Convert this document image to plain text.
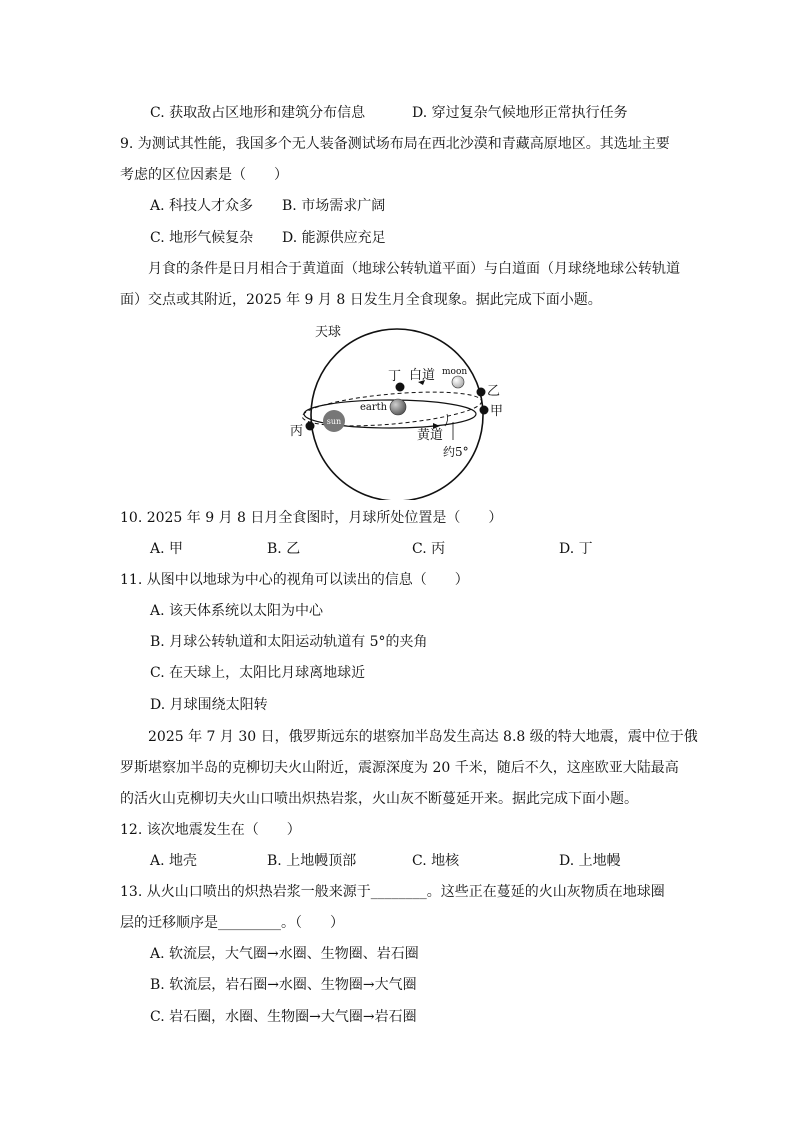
C. 获取敌占区地形和建筑分布信息	D. 穿过复杂气候地形正常执行任务
9. 为测试其性能，我国多个无人装备测试场布局在西北沙漠和青藏高原地区。其选址主要
考虑的区位因素是（　　）
A. 科技人才众多 B. 市场需求广阔
C. 地形气候复杂 D. 能源供应充足
月食的条件是日月相合于黄道面（地球公转轨道平面）与白道面（月球绕地球公转轨道
面）交点或其附近，2025 年 9 月 8 日发生月全食现象。据此完成下面小题。
sun
earth
moon
天球
白道
黄道
约5°
丁
乙
甲
丙
10. 2025 年 9 月 8 日月全食图时，月球所处位置是（　　）
A. 甲	B. 乙	C. 丙	D. 丁
11. 从图中以地球为中心的视角可以读出的信息（　　）
A. 该天体系统以太阳为中心
B. 月球公转轨道和太阳运动轨道有 5°的夹角
C. 在天球上，太阳比月球离地球近
D. 月球围绕太阳转
2025 年 7 月 30 日，俄罗斯远东的堪察加半岛发生高达 8.8 级的特大地震，震中位于俄
罗斯堪察加半岛的克柳切夫火山附近，震源深度为 20 千米，随后不久，这座欧亚大陆最高
的活火山克柳切夫火山口喷出炽热岩浆，火山灰不断蔓延开来。据此完成下面小题。
12. 该次地震发生在（　　）
A. 地壳	B. 上地幔顶部	C. 地核	D. 上地幔
13. 从火山口喷出的炽热岩浆一般来源于________。这些正在蔓延的火山灰物质在地球圈
层的迁移顺序是_________。（　　）
A. 软流层，大气圈→水圈、生物圈、岩石圈
B. 软流层，岩石圈→水圈、生物圈→大气圈
C. 岩石圈，水圈、生物圈→大气圈→岩石圈
